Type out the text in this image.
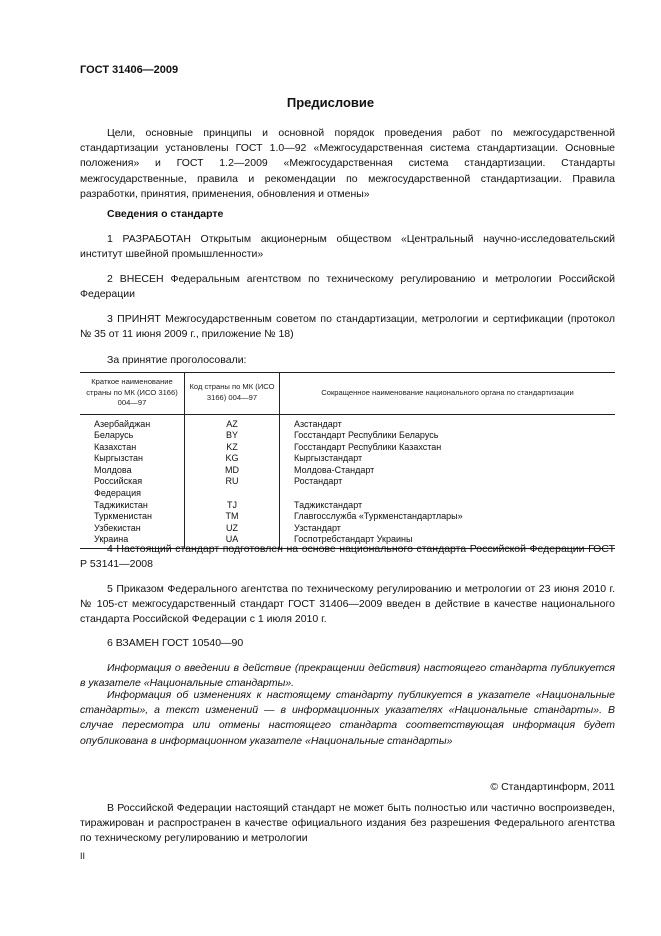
ГОСТ 31406—2009
Предисловие

Цели, основные принципы и основной порядок проведения работ по межгосударственной стандартизации установлены ГОСТ 1.0—92 «Межгосударственная система стандартизации. Основные положения» и ГОСТ 1.2—2009 «Межгосударственная система стандартизации. Стандарты межгосударственные, правила и рекомендации по межгосударственной стандартизации. Правила разработки, принятия, применения, обновления и отмены»

Сведения о стандарте

1 РАЗРАБОТАН Открытым акционерным обществом «Центральный научно-исследовательский институт швейной промышленности»

2 ВНЕСЕН Федеральным агентством по техническому регулированию и метрологии Российской Федерации

3 ПРИНЯТ Межгосударственным советом по стандартизации, метрологии и сертификации (протокол № 35 от 11 июня 2009 г., приложение № 18)

За принятие проголосовали:
Краткое наименование страны по МК (ИСО 3166) 004—97	Код страны по МК (ИСО 3166) 004—97	Сокращенное наименование национального органа по стандартизации
Азербайджан	AZ	Азстандарт
Беларусь	BY	Госстандарт Республики Беларусь
Казахстан	KZ	Госстандарт Республики Казахстан
Кыргызстан	KG	Кыргызстандарт
Молдова	MD	Молдова-Стандарт
Российская Федерация	RU	Ростандарт
Таджикистан	TJ	Таджикстандарт
Туркменистан	TM	Главгосслужба «Туркменстандартлары»
Узбекистан	UZ	Узстандарт
Украина	UA	Госпотребстандарт Украины

4 Настоящий стандарт подготовлен на основе национального стандарта Российской Федерации ГОСТ Р 53141—2008

5 Приказом Федерального агентства по техническому регулированию и метрологии от 23 июня 2010 г. № 105-ст межгосударственный стандарт ГОСТ 31406—2009 введен в действие в качестве национального стандарта Российской Федерации с 1 июля 2010 г.

6 ВЗАМЕН ГОСТ 10540—90

Информация о введении в действие (прекращении действия) настоящего стандарта публикуется в указателе «Национальные стандарты».

Информация об изменениях к настоящему стандарту публикуется в указателе «Национальные стандарты», а текст изменений — в информационных указателях «Национальные стандарты». В случае пересмотра или отмены настоящего стандарта соответствующая информация будет опубликована в информационном указателе «Национальные стандарты»

© Стандартинформ, 2011

В Российской Федерации настоящий стандарт не может быть полностью или частично воспроизведен, тиражирован и распространен в качестве официального издания без разрешения Федерального агентства по техническому регулированию и метрологии

II
